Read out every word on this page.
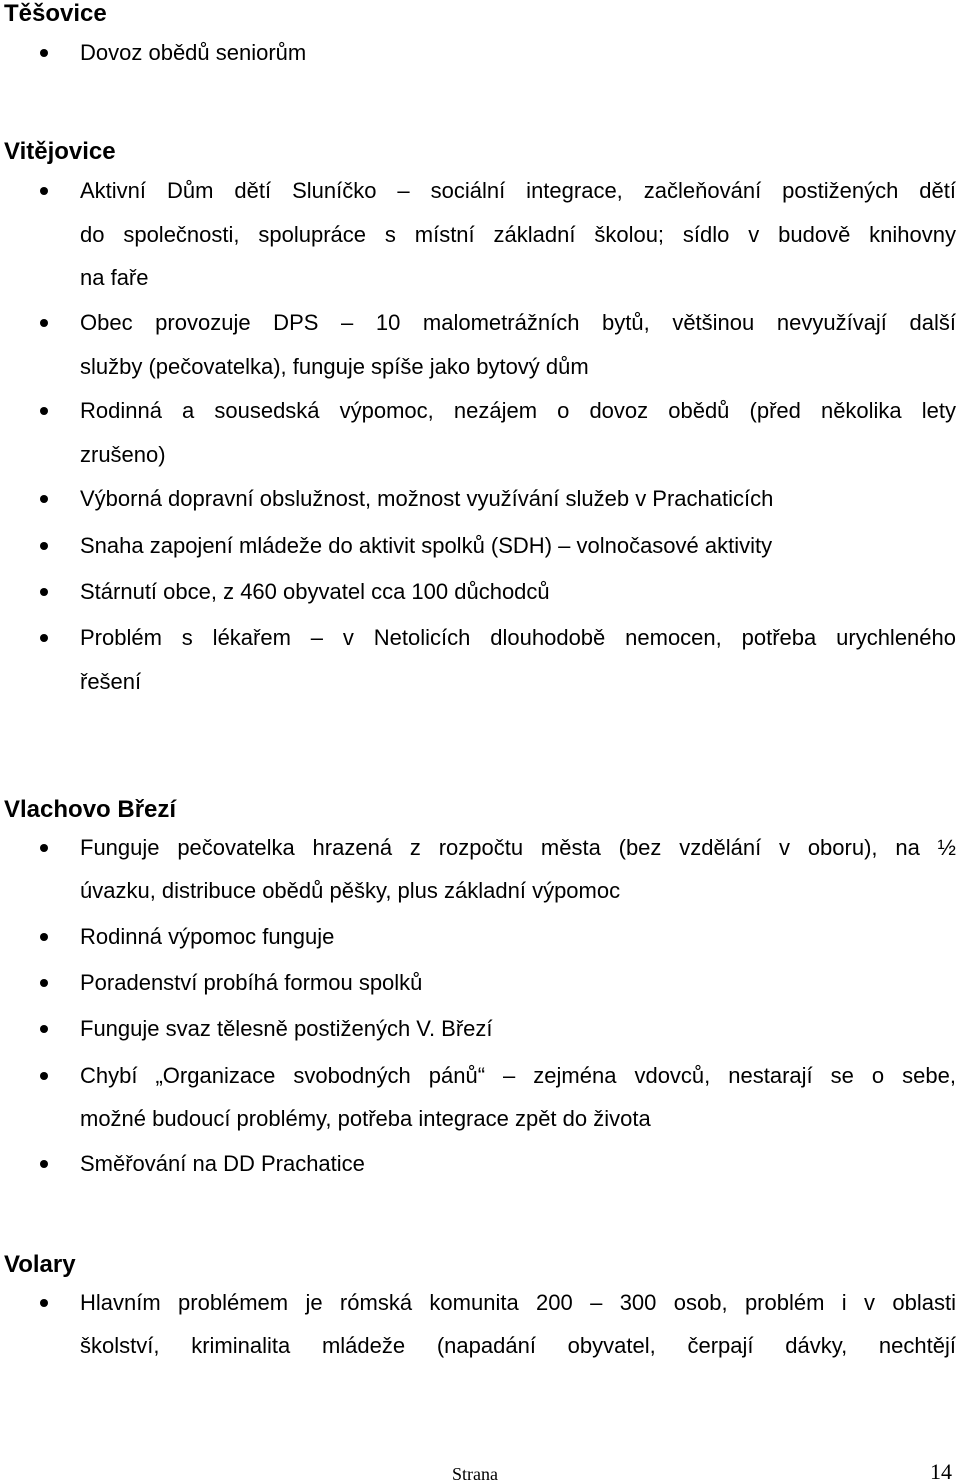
Těšovice
Dovoz obědů seniorům
Vitějovice
Aktivní Dům dětí Sluníčko – sociální integrace, začleňování postižených dětí
do společnosti, spolupráce s místní základní školou; sídlo v budově knihovny
na faře
Obec provozuje DPS – 10 malometrážních bytů, většinou nevyužívají další
služby (pečovatelka), funguje spíše jako bytový dům
Rodinná a sousedská výpomoc, nezájem o dovoz obědů (před několika lety
zrušeno)
Výborná dopravní obslužnost, možnost využívání služeb v Prachaticích
Snaha zapojení mládeže do aktivit spolků (SDH) – volnočasové aktivity
Stárnutí obce, z 460 obyvatel cca 100 důchodců
Problém s lékařem – v Netolicích dlouhodobě nemocen, potřeba urychleného
řešení
Vlachovo Březí
Funguje pečovatelka hrazená z rozpočtu města (bez vzdělání v oboru), na ½
úvazku, distribuce obědů pěšky, plus základní výpomoc
Rodinná výpomoc funguje
Poradenství probíhá formou spolků
Funguje svaz tělesně postižených V. Březí
Chybí „Organizace svobodných pánů“ – zejména vdovců, nestarají se o sebe,
možné budoucí problémy, potřeba integrace zpět do života
Směřování na DD Prachatice
Volary
Hlavním problémem je rómská komunita 200 – 300 osob, problém i v oblasti
školství, kriminalita mládeže (napadání obyvatel, čerpají dávky, nechtějí
Strana	14
